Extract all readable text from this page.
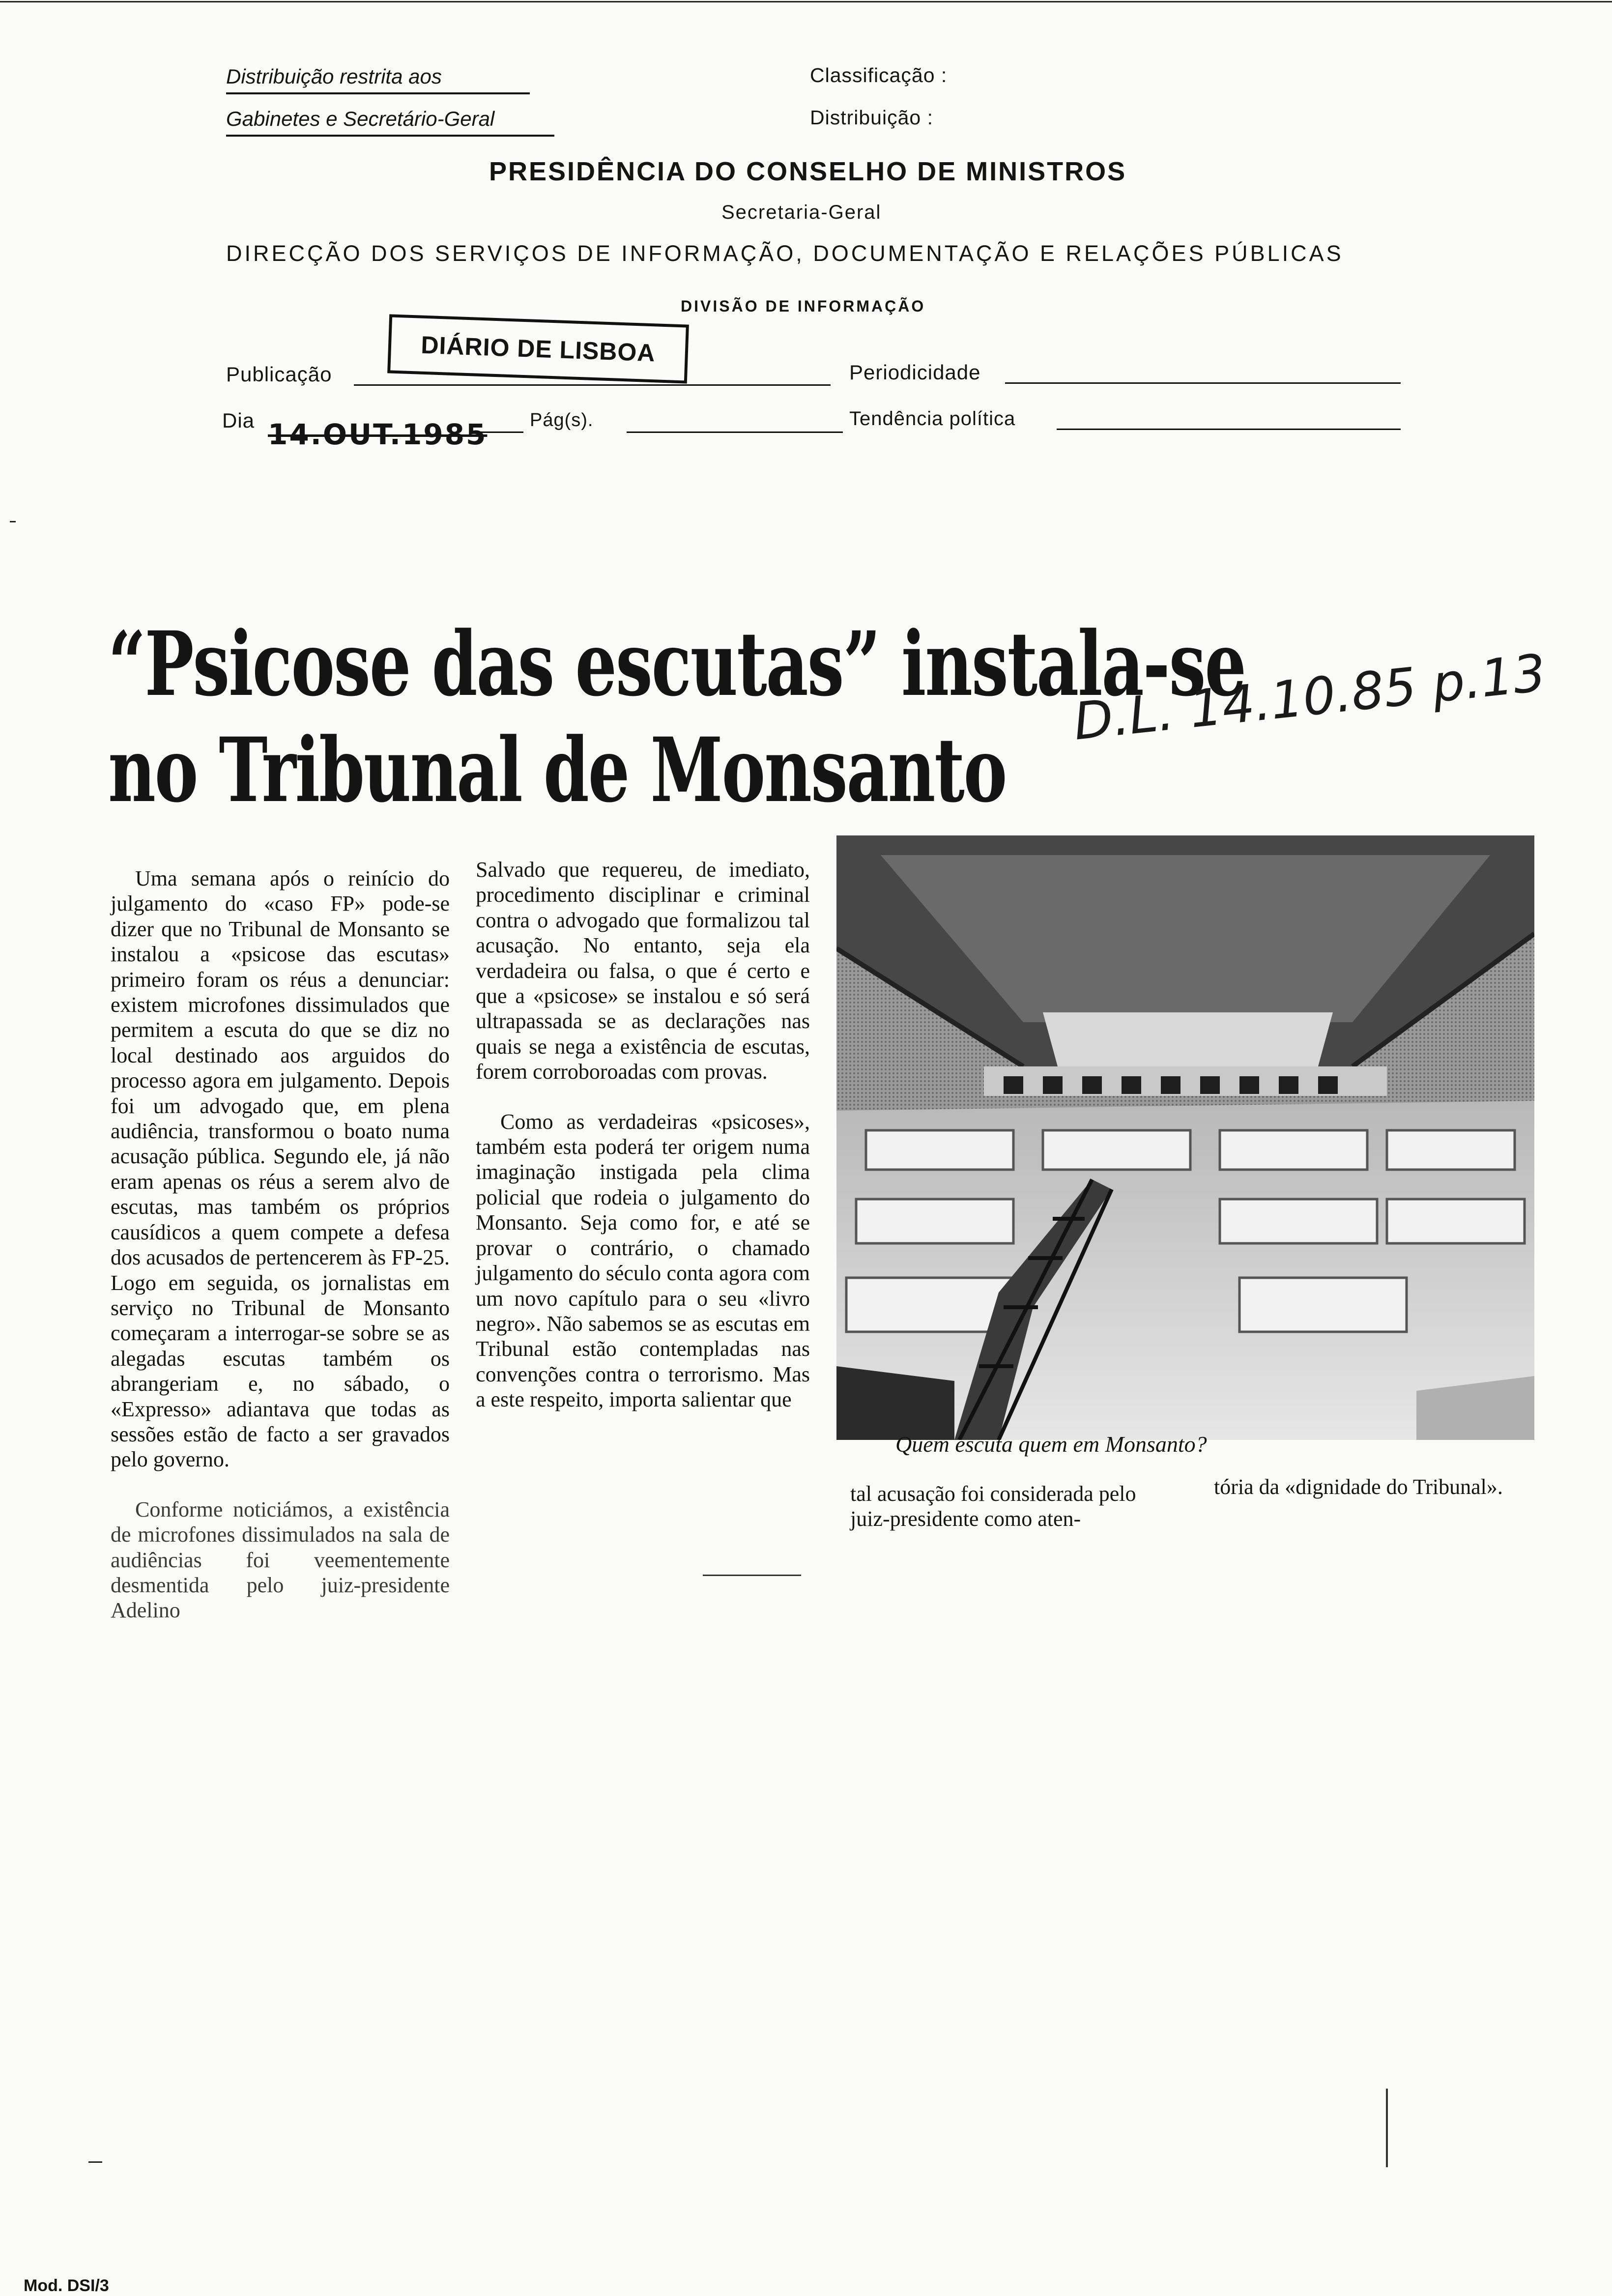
Distribuição restrita aos
Gabinetes e Secretário-Geral
Classificação :
Distribuição :
PRESIDÊNCIA DO CONSELHO DE MINISTROS
Secretaria-Geral
DIRECÇÃO DOS SERVIÇOS DE INFORMAÇÃO, DOCUMENTAÇÃO E RELAÇÕES PÚBLICAS
DIVISÃO DE INFORMAÇÃO
Publicação
DIÁRIO DE LISBOA
Periodicidade
Dia 14.OUT.1985 Pág(s).	Tendência política
“Psicose das escutas” instala-se
no Tribunal de Monsanto
D.L. 14.10.85 p.13

Uma semana após o reinício do julgamento do «caso FP» pode-se dizer que no Tribunal de Monsanto se instalou a «psicose das escutas» primeiro foram os réus a denunciar: existem microfones dissimulados que permitem a escuta do que se diz no local destinado aos arguidos do processo agora em julgamento. Depois foi um advogado que, em plena audiência, transformou o boato numa acusação pública. Segundo ele, já não eram apenas os réus a serem alvo de escutas, mas também os próprios causídicos a quem compete a defesa dos acusados de pertencerem às FP-25. Logo em seguida, os jornalistas em serviço no Tribunal de Monsanto começaram a interrogar-se sobre se as alegadas escutas também os abrangeriam e, no sábado, o «Expresso» adiantava que todas as sessões estão de facto a ser gravados pelo governo.

Conforme noticiámos, a existência de microfones dissimulados na sala de audiências foi veementemente desmentida pelo juiz-presidente Adelino

Salvado que requereu, de imediato, procedimento disciplinar e criminal contra o advogado que formalizou tal acusação. No entanto, seja ela verdadeira ou falsa, o que é certo e que a «psicose» se instalou e só será ultrapassada se as declarações nas quais se nega a existência de escutas, forem corroboroadas com provas.

Como as verdadeiras «psicoses», também esta poderá ter origem numa imaginação instigada pela clima policial que rodeia o julgamento do Monsanto. Seja como for, e até se provar o contrário, o chamado julgamento do século conta agora com um novo capítulo para o seu «livro negro». Não sabemos se as escutas em Tribunal estão contempladas nas convenções contra o terrorismo. Mas a este respeito, importa salientar que

Quem escuta quem em Monsanto?

tal acusação foi considerada pelo juiz-presidente como aten-

tória da «dignidade do Tribunal».

Mod. DSI/3
